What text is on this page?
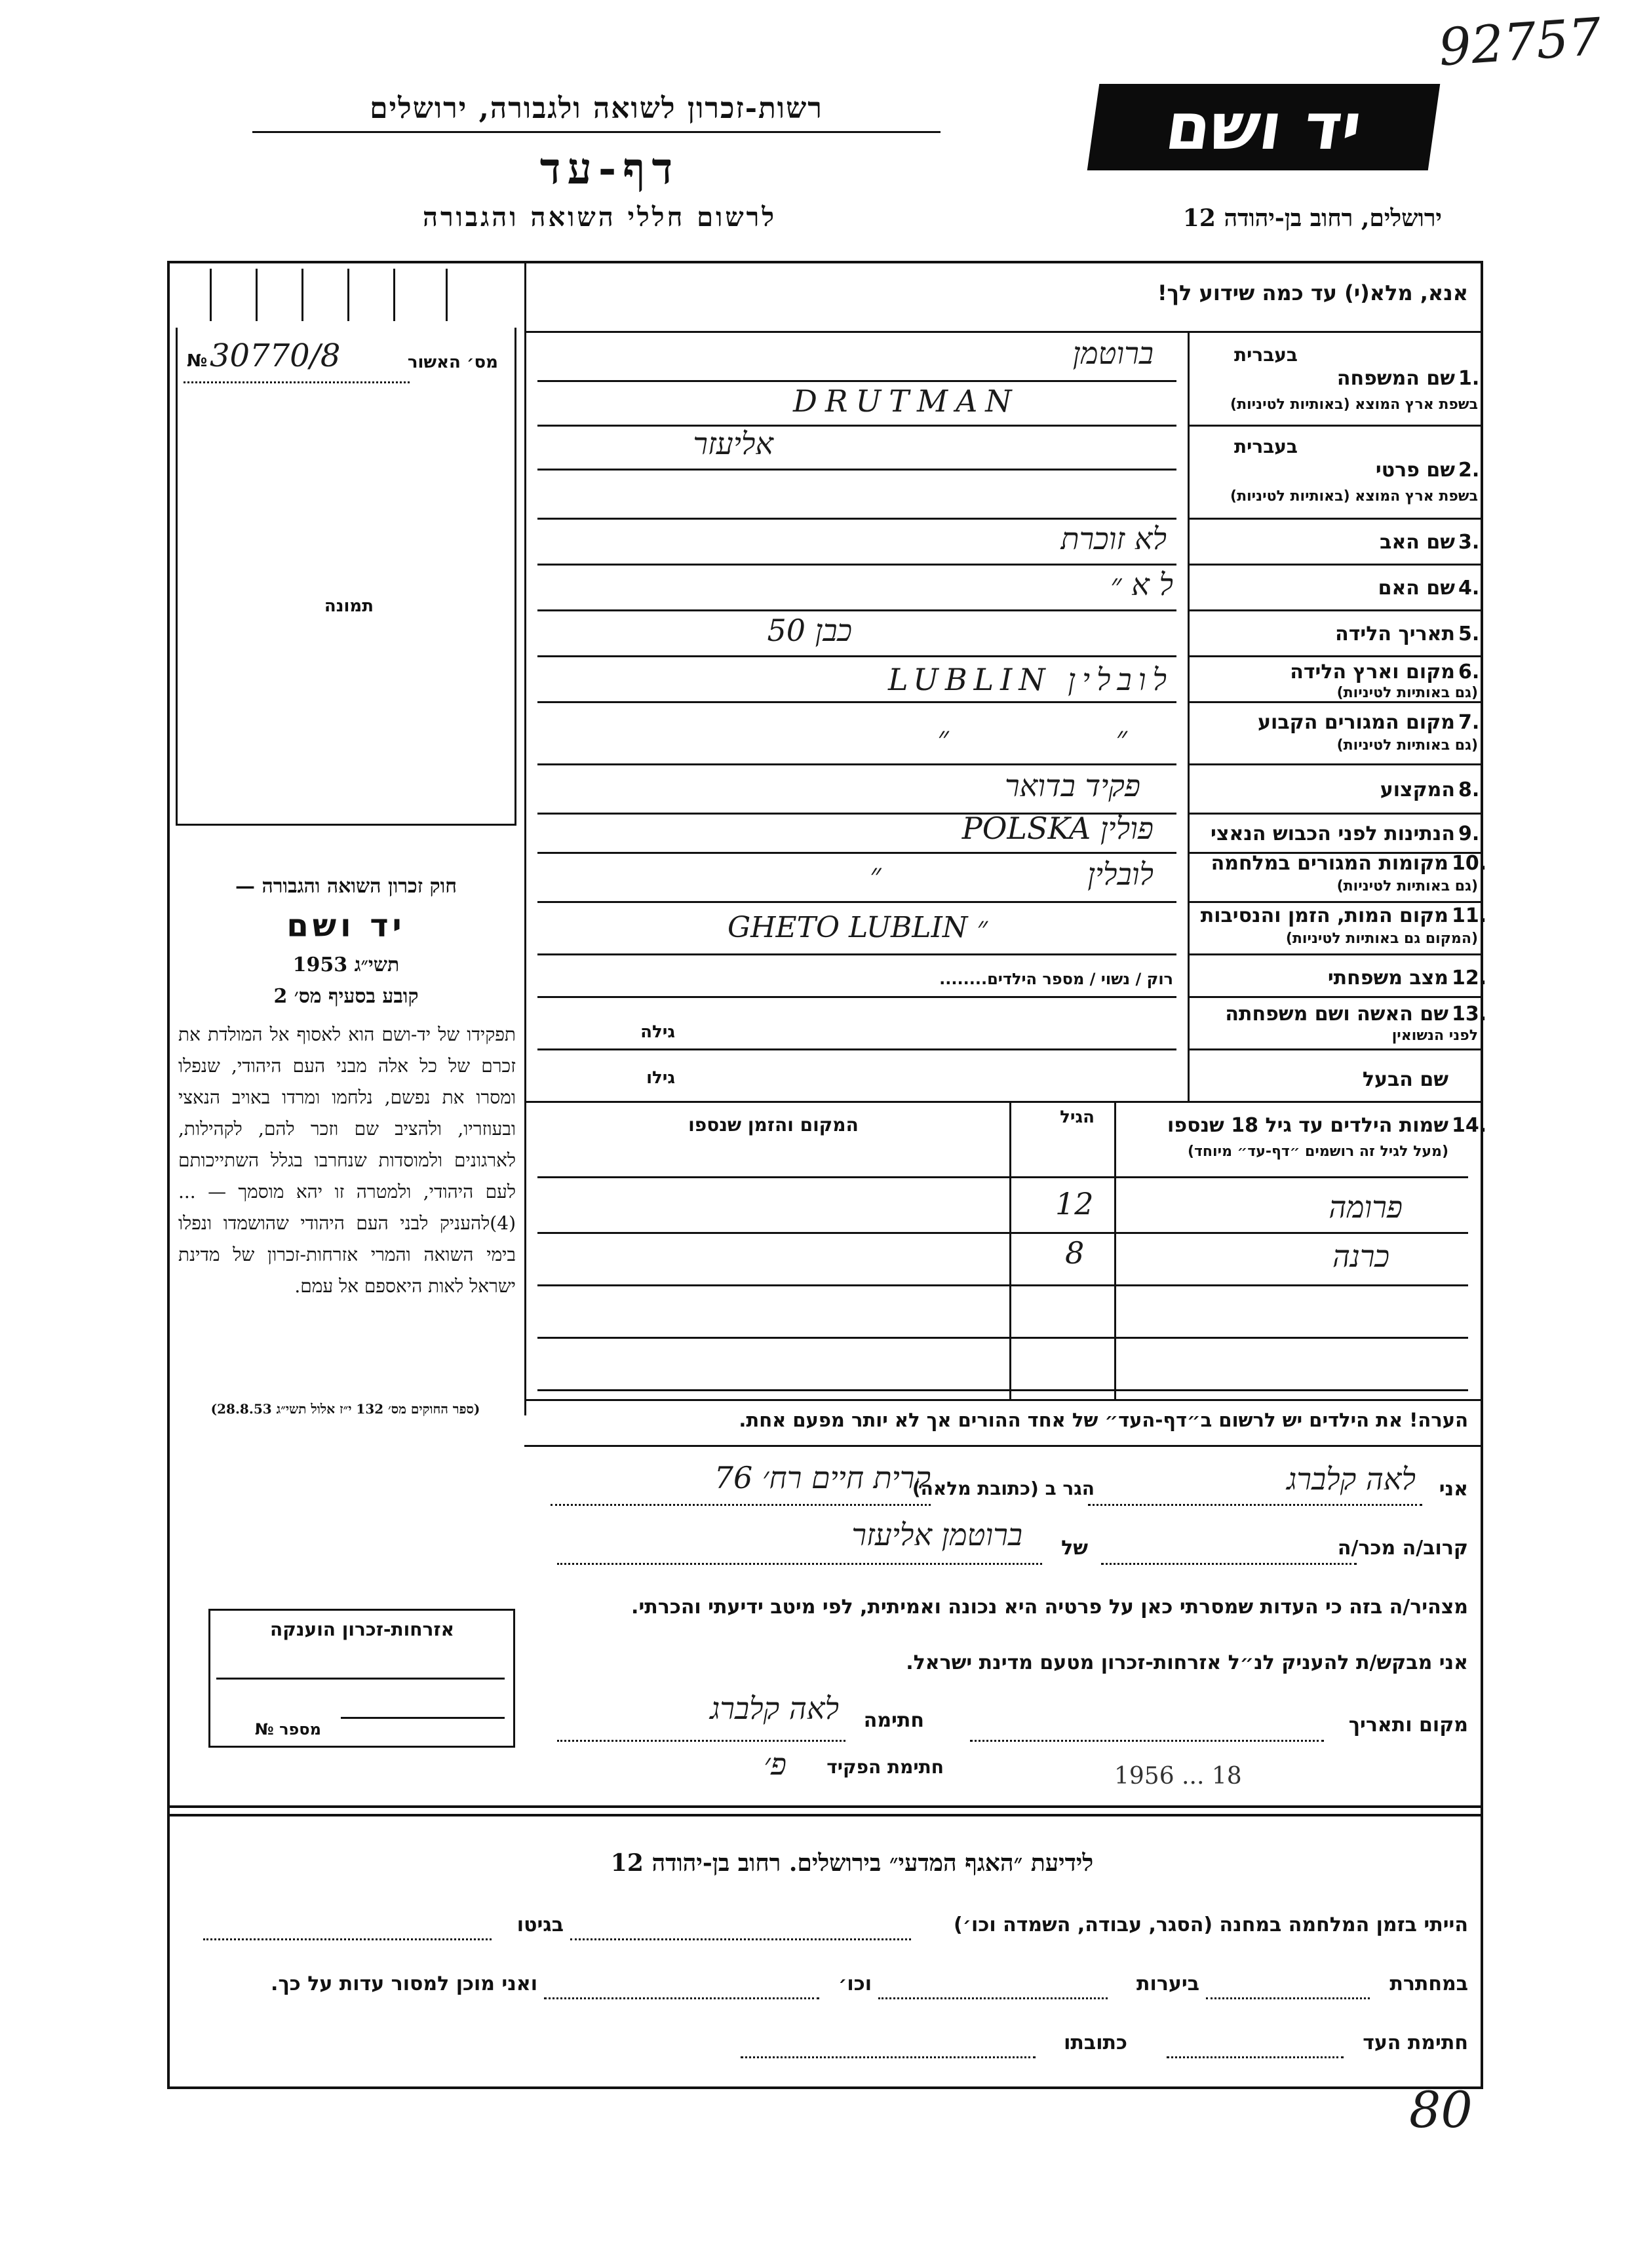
92757
יד ושם
רשות-זכרון לשואה ולגבורה, ירושלים
דף-עד
לרשום חללי השואה והגבורה	ירושלים, רחוב בן-יהודה 12
אנא, מלא(י) עד כמה שידוע לך!
מס׳ האשור
№ 30770/8
תמונה
חוק זכרון השואה והגבורה —
יד ושם
תשי״ג 1953
קובע בסעיף מס׳ 2
תפקידו של יד-ושם הוא לאסוף אל המולדת את זכרם של כל אלה מבני העם היהודי, שנפלו ומסרו את נפשם, נלחמו ומרדו באויב הנאצי ובעוזריו, ולהציב שם וזכר להם, לקהילות, לארגונים ולמוסדות שנחרבו בגלל השתייכותם לעם היהודי, ולמטרה זו יהא מוסמך — ...(4)להעניק לבני העם היהודי שהושמדו ונפלו בימי השואה והמרי אזרחות-זכרון של מדינת ישראל לאות היאספם אל עמם.
(ספר החוקים מס׳ 132 י״ז אלול תשי״ג 28.8.53)
אזרחות-זכרון הוענקה
מספר №
בעברית
1.
שם המשפחה
בשפת ארץ המוצא (באותיות לטיניות)
ברוטמן
DRUTMAN
בעברית
2.
שם פרטי
בשפת ארץ המוצא (באותיות לטיניות)
אליעזר
3.
שם האב
לא זוכרת
4.
שם האם
ל א ״
5.
תאריך הלידה
כבן 50
6.
מקום וארץ הלידה
(גם באותיות לטיניות)
לובלין LUBLIN
7.
מקום המגורים הקבוע
(גם באותיות לטיניות)
״ ״
8.
המקצוע
פקיד בדואר
9.
הנתינות לפני הכבוש הנאצי
פולין POLSKA
10.
מקומות המגורים במלחמה
(גם באותיות לטיניות)
לובלין ״
11.
מקום המות, הזמן והנסיבות
(המקום גם באותיות לטיניות)
GHETO LUBLIN ״
12.
מצב משפחתי
רוק / נשוי / מספר הילדים........
13.
שם האשה ושם משפחתה
לפני הנשואין
גילה
שם הבעל
גילו
14.
שמות הילדים עד גיל 18 שנספו
(מעל לגיל זה רושמים ״דף-עד״ מיוחד)
הגיל
המקום והזמן שנספו
פרומה
12
כרנה
8
הערה! את הילדים יש לרשום ב״דף-העד״ של אחד ההורים אך לא יותר מפעם אחת.
אני
לאה קלברג
הגר ב (כתובת מלאה)
קרית חיים רח׳ 76
קרוב/ה מכר/ה
של
ברוטמן אליעזר
מצהיר/ה בזה כי העדות שמסרתי כאן על פרטיה היא נכונה ואמיתית, לפי מיטב ידיעתי והכרתי.
אני מבקש/ת להעניק לנ״ל אזרחות-זכרון מטעם מדינת ישראל.
מקום ותאריך
חתימה
לאה קלברג
חתימת הפקיד
פ׳	1956 ... 18
לידיעת ״האגף המדעי״ בירושלים. רחוב בן-יהודה 12
הייתי בזמן המלחמה במחנה (הסגר, עבודה, השמדה וכו׳)
בגיטו
במחתרת
ביערות
וכו׳
ואני מוכן למסור עדות על כך.
חתימת העד
כתובתו
80
